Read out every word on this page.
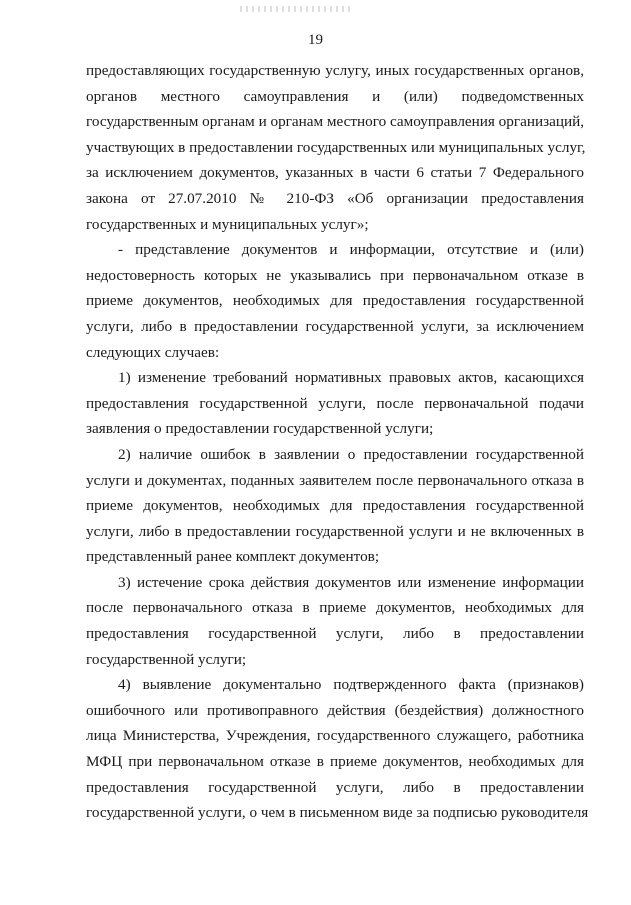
19

предоставляющих государственную услугу, иных государственных органов,
органов местного самоуправления и (или) подведомственных
государственным органам и органам местного самоуправления организаций,
участвующих в предоставлении государственных или муниципальных услуг,
за исключением документов, указанных в части 6 статьи 7 Федерального
закона от 27.07.2010 № 210-ФЗ «Об организации предоставления
государственных и муниципальных услуг»;

- представление документов и информации, отсутствие и (или)
недостоверность которых не указывались при первоначальном отказе в
приеме документов, необходимых для предоставления государственной
услуги, либо в предоставлении государственной услуги, за исключением
следующих случаев:

1) изменение требований нормативных правовых актов, касающихся
предоставления государственной услуги, после первоначальной подачи
заявления о предоставлении государственной услуги;

2) наличие ошибок в заявлении о предоставлении государственной
услуги и документах, поданных заявителем после первоначального отказа в
приеме документов, необходимых для предоставления государственной
услуги, либо в предоставлении государственной услуги и не включенных в
представленный ранее комплект документов;

3) истечение срока действия документов или изменение информации
после первоначального отказа в приеме документов, необходимых для
предоставления государственной услуги, либо в предоставлении
государственной услуги;

4) выявление документально подтвержденного факта (признаков)
ошибочного или противоправного действия (бездействия) должностного
лица Министерства, Учреждения, государственного служащего, работника
МФЦ при первоначальном отказе в приеме документов, необходимых для
предоставления государственной услуги, либо в предоставлении
государственной услуги, о чем в письменном виде за подписью руководителя
